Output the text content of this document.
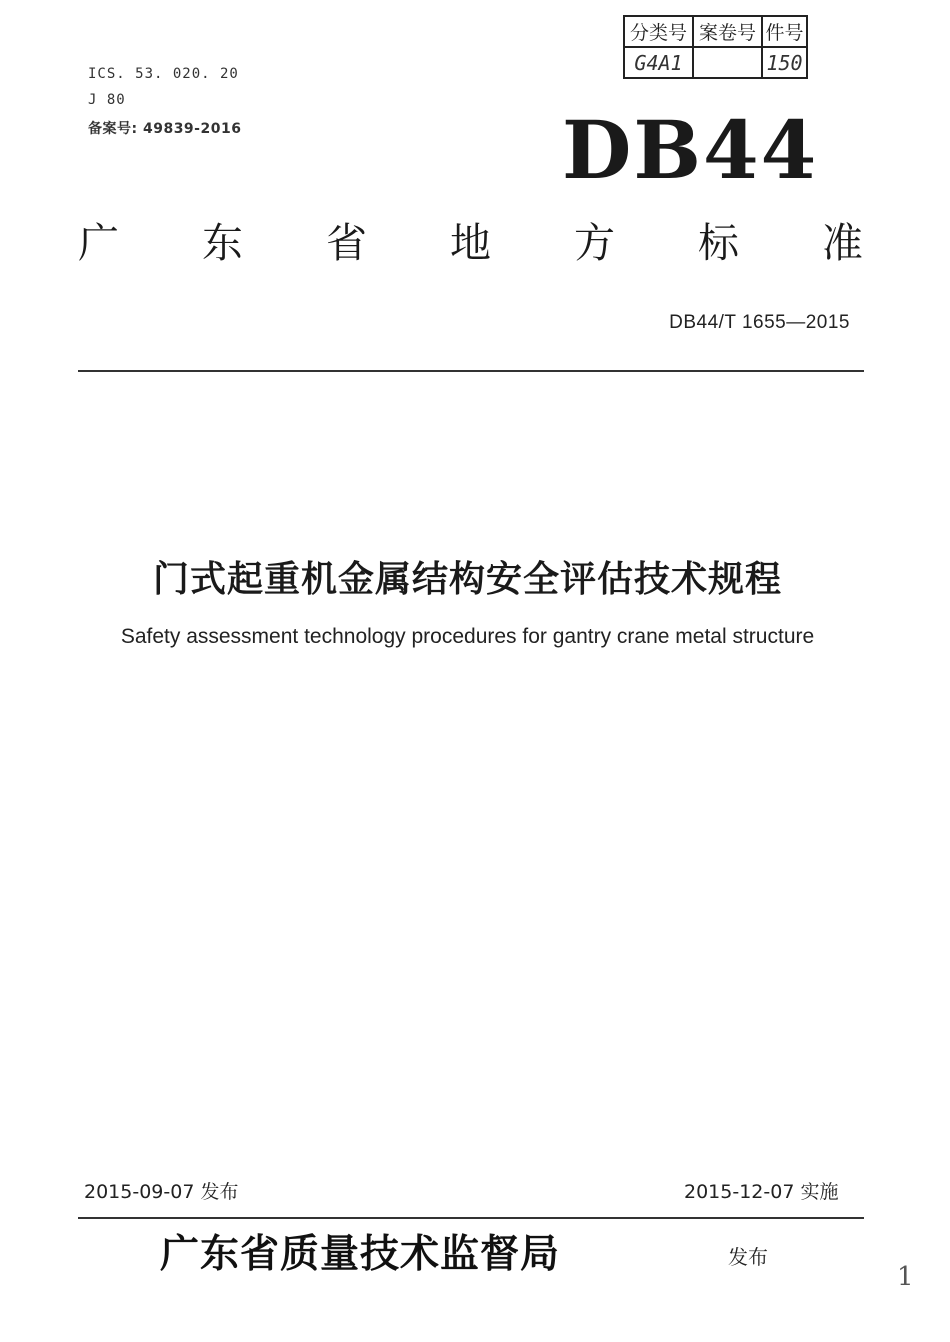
分类号	案卷号	件号
G4A1		150
ICS. 53. 020. 20
J 80
备案号: 49839-2016	DB44
广 东 省 地 方 标 准
DB44/T 1655—2015
门式起重机金属结构安全评估技术规程
Safety assessment technology procedures for gantry crane metal structure
2015-09-07 发布	2015-12-07 实施
广东省质量技术监督局	发布
1
